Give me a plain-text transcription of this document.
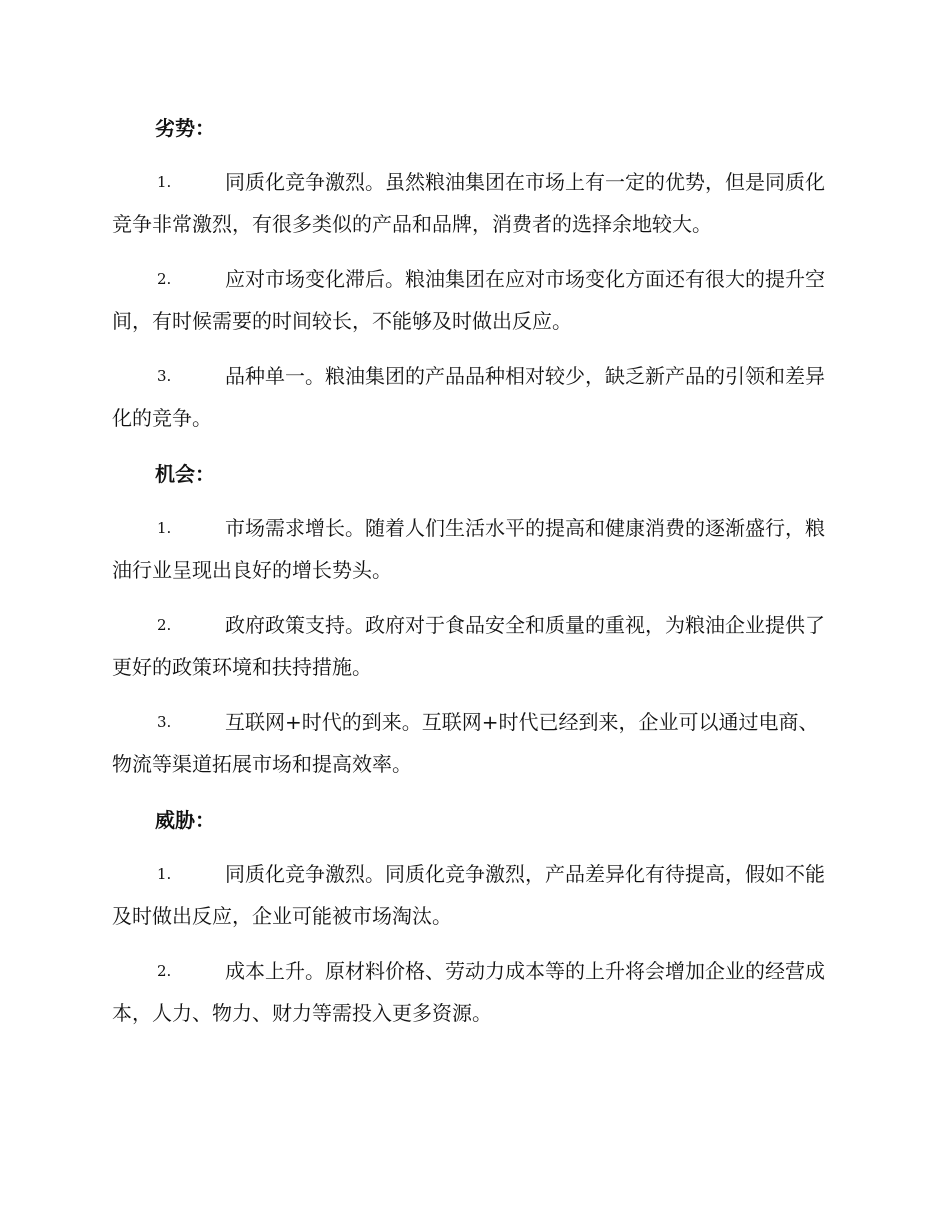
劣势：
1.	同质化竞争激烈。虽然粮油集团在市场上有一定的优势，但是同质化竞争非常激烈，有很多类似的产品和品牌，消费者的选择余地较大。
2.	应对市场变化滞后。粮油集团在应对市场变化方面还有很大的提升空间，有时候需要的时间较长，不能够及时做出反应。
3.	品种单一。粮油集团的产品品种相对较少，缺乏新产品的引领和差异化的竞争。
机会：
1.	市场需求增长。随着人们生活水平的提高和健康消费的逐渐盛行，粮油行业呈现出良好的增长势头。
2.	政府政策支持。政府对于食品安全和质量的重视，为粮油企业提供了更好的政策环境和扶持措施。
3.	互联网+时代的到来。互联网+时代已经到来，企业可以通过电商、物流等渠道拓展市场和提高效率。
威胁：
1.	同质化竞争激烈。同质化竞争激烈，产品差异化有待提高，假如不能及时做出反应，企业可能被市场淘汰。
2.	成本上升。原材料价格、劳动力成本等的上升将会增加企业的经营成本，人力、物力、财力等需投入更多资源。
